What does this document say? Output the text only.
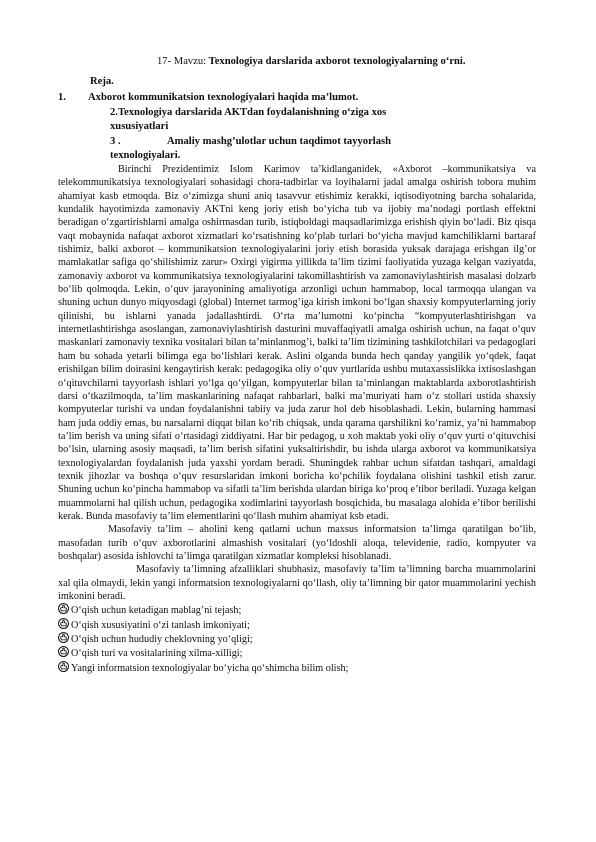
17- Mavzu: Texnologiya darslarida axborot texnologiyalarning o‘rni.
Reja.
1. Axborot kommunikatsion texnologiyalari haqida ma’lumot.
2.Texnologiya darslarida AKTdan foydalanishning o‘ziga xos
xususiyatlari
3 .	Amaliy mashg’ulotlar uchun taqdimot tayyorlash
texnologiyalari.

Birinchi Prezidentimiz Islom Karimov ta’kidlanganidek, «Axborot –kommunikatsiya va telekommunikatsiya texnologiyalari sohasidagi chora-tadbirlar va loyihalarni jadal amalga oshirish tobora muhim ahamiyat kasb etmoqda. Biz o‘zimizga shuni aniq tasavvur etishimiz kerakki, iqtisodiyotning barcha sohalarida, kundalik hayotimizda zamonaviy AKTni keng joriy etish bo‘yicha tub va ijobiy ma’nodagi portlash effektni beradigan o‘zgartirishlarni amalga oshirmasdan turib, istiqboldagi maqsadlarimizga erishish qiyin bo‘ladi. Biz qisqa vaqt mobaynida nafaqat axborot xizmatlari ko‘rsatishning ko‘plab turlari bo‘yicha mavjud kamchiliklarni bartaraf tishimiz, balki axborot – kommunikatsion texnologiyalarini joriy etish borasida yuksak darajaga erishgan ilg’or mamlakatlar safiga qo‘shilishimiz zarur» Oxirgi yigirma yillikda ta’lim tizimi faoliyatida yuzaga kelgan vaziyatda, zamonaviy axborot va kommunikatsiya texnologiyalarini takomillashtirish va zamonaviylashtirish masalasi dolzarb bo‘lib qolmoqda. Lekin, o‘quv jarayonining amaliyotiga arzonligi uchun hammabop, local tarmoqqa ulangan va shuning uchun dunyo miqyosdagi (global) Internet tarmog’iga kirish imkoni bo‘lgan shaxsiy kompyuterlarning joriy qilinishi, bu ishlarni yanada jadallashtirdi. O‘rta ma’lumotni ko‘pincha “kompyuterlashtirishgan va internetlashtirishga asoslangan, zamonaviylashtirish dasturini muvaffaqiyatli amalga oshirish uchun, na faqat o‘quv maskanlari zamonaviy texnika vositalari bilan ta’minlanmog’i, balki ta’lim tizimining tashkilotchilari va pedagoglari ham bu sohada yetarli bilimga ega bo‘lishlari kerak. Aslini olganda bunda hech qanday yangilik yo‘qdek, faqat erishilgan bilim doirasini kengaytirish kerak: pedagogika oliy o‘quv yurtlarida ushbu mutaxassislikka ixtisoslashgan o‘qituvchilarni tayyorlash ishlari yo‘lga qo‘yilgan, kompyuterlar bilan ta’minlangan maktablarda axborotlashtirish darsi o‘tkazilmoqda, ta’lim maskanlarining nafaqat rahbarlari, balki ma’muriyati ham o‘z stollari ustida shaxsiy kompyuterlar turishi va undan foydalanishni tabiiy va juda zarur hol deb hisoblashadi. Lekin, bularning hammasi ham juda oddiy emas, bu narsalarni diqqat bilan ko‘rib chiqsak, unda qarama qarshilikni ko‘ramiz, ya’ni hammabop ta’lim berish va uning sifati o‘rtasidagi ziddiyatni. Har bir pedagog, u xoh maktab yoki oliy o‘quv yurti o‘qituvchisi bo‘lsin, ularning asosiy maqsadi, ta’lim berish sifatini yuksaltirishdir, bu ishda ularga axborot va kommunikatsiya texnologiyalardan foydalanish juda yaxshi yordam beradi. Shuningdek rahbar uchun sifatdan tashqari, amaldagi texnik jihozlar va boshqa o‘quv resurslaridan imkoni boricha ko‘pchilik foydalana olishini tashkil etish zarur. Shuning uchun ko‘pincha hammabop va sifatli ta’lim berishda ulardan biriga ko‘proq e’tibor beriladi. Yuzaga kelgan muammolarni hal qilish uchun, pedagogika xodimlarini tayyorlash bosqichida, bu masalaga alohida e’tibor berilishi kerak. Bunda masofaviy ta’lim elementlarini qo‘llash muhim ahamiyat ksb etadi.

Masofaviy ta’lim – aholini keng qatlami uchun maxsus informatsion ta’limga qaratilgan bo‘lib, masofadan turib o‘quv axborotlarini almashish vositalari (yo‘ldoshli aloqa, televidenie, radio, kompyuter va boshqalar) asosida ishlovchi ta’limga qaratilgan xizmatlar kompleksi hisoblanadi.

Masofaviy ta’limning afzalliklari shubhasiz, masofaviy ta’lim ta’limning barcha muammolarini xal qila olmaydi, lekin yangi informatsion texnologiyalarni qo‘llash, oliy ta’limning bir qator muammolarini yechish imkonini beradi.

O‘qish uchun ketadigan mablag’ni tejash;
O‘qish xususiyatini o‘zi tanlash imkoniyati;
O‘qish uchun hududiy cheklovning yo‘qligi;
O‘qish turi va vositalarining xilma-xilligi;
Yangi informatsion texnologiyalar bo‘yicha qo‘shimcha bilim olish;
